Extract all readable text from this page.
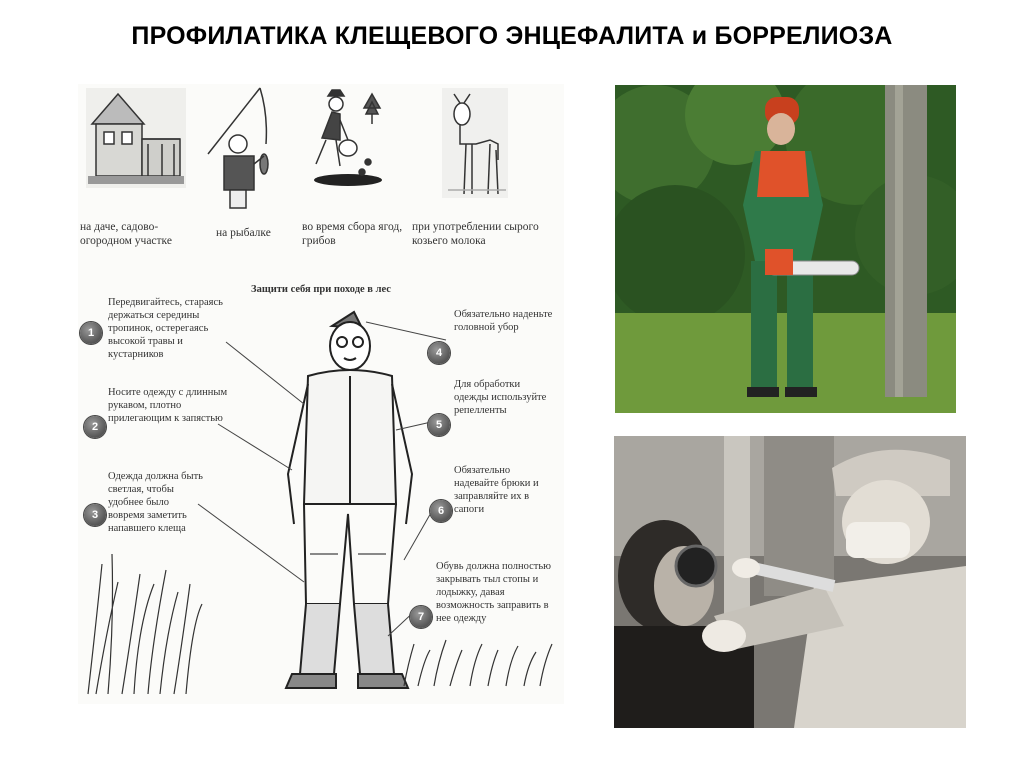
ПРОФИЛАТИКА КЛЕЩЕВОГО ЭНЦЕФАЛИТА и БОРРЕЛИОЗА
Защити себя при походе в лес
на даче, садово-огородном участке
на рыбалке	во время сбора ягод, грибов
при употреблении сырого козьего молока
1
Передвигайтесь, стараясь держаться середины тропинок, остерегаясь высокой травы и кустарников
2
Носите одежду с длинным рукавом, плотно прилегающим к запястью
3
Одежда должна быть светлая, чтобы удобнее было вовремя заметить напавшего клеща
4
Обязательно наденьте головной убор
5
Для обработки одежды используйте репелленты
6
Обязательно надевайте брюки и заправляйте их в сапоги
7
Обувь должна полностью закрывать тыл стопы и лодыжку, давая возможность заправить в нее одежду
